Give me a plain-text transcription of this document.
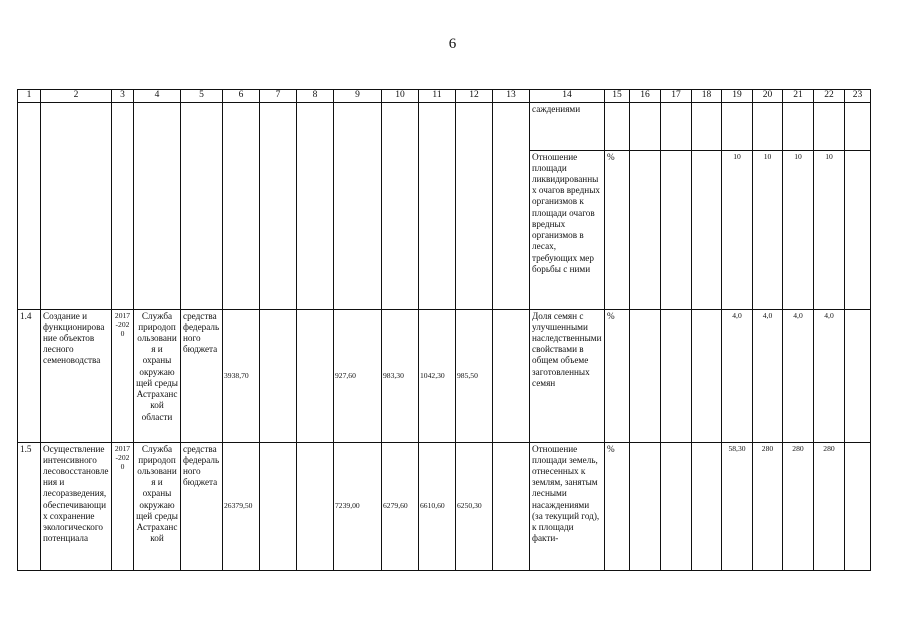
6
1	2	3	4	5	6	7	8	9	10	11	12	13	14	15	16	17	18	19	20	21	22	23
													саждениями									
													Отношение площади ликвидированных очагов вредных организмов к площади очагов вредных организмов в лесах, требующих мер борьбы с ними	%				10	10	10	10	
1.4	Создание и функционирование объектов лесного семеноводства	2017-2020	Служба природопользования и охраны окружающей среды Астраханской области	средства федерального бюджета	3938,70			927,60	983,30	1042,30	985,50		Доля семян с улучшенными наследственными свойствами в общем объеме заготовленных семян	%				4,0	4,0	4,0	4,0	

1.5	Осуществление интенсивного лесовосстановления и лесоразведения, обеспечивающих сохранение экологического потенциала	2017-2020	Служба природопользования и охраны окружающей среды Астраханской	средства федерального бюджета	26379,50			7239,00	6279,60	6610,60	6250,30		Отношение площади земель, отнесенных к землям, занятым лесными насаждениями (за текущий год), к площади факти-	%				58,30	280	280	280	
